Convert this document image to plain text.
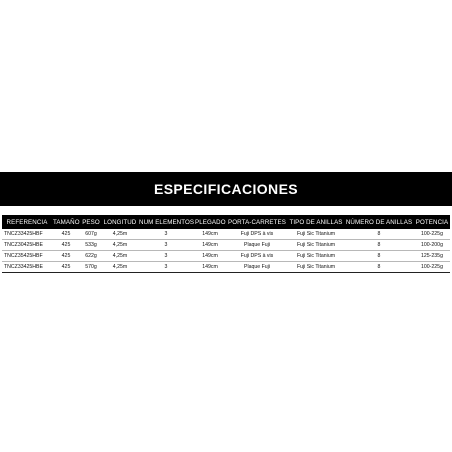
ESPECIFICACIONES
REFERENCIA	TAMAÑO	PESO	LONGITUD	NUM ELEMENTOS	PLEGADO	PORTA-CARRETES	TIPO DE ANILLAS	NÚMERO DE ANILLAS	POTENCIA
TNCZ33425HBF	425	607g	4,25m	3	149cm	Fuji DPS à vis	Fuji Sic Titanium	8	100-225g
TNCZ30425HBE	425	533g	4,25m	3	149cm	Plaque Fuji	Fuji Sic Titanium	8	100-200g
TNCZ35425HBF	425	622g	4,25m	3	149cm	Fuji DPS à vis	Fuji Sic Titanium	8	125-235g
TNCZ33425HBE	425	570g	4,25m	3	149cm	Plaque Fuji	Fuji Sic Titanium	8	100-225g
